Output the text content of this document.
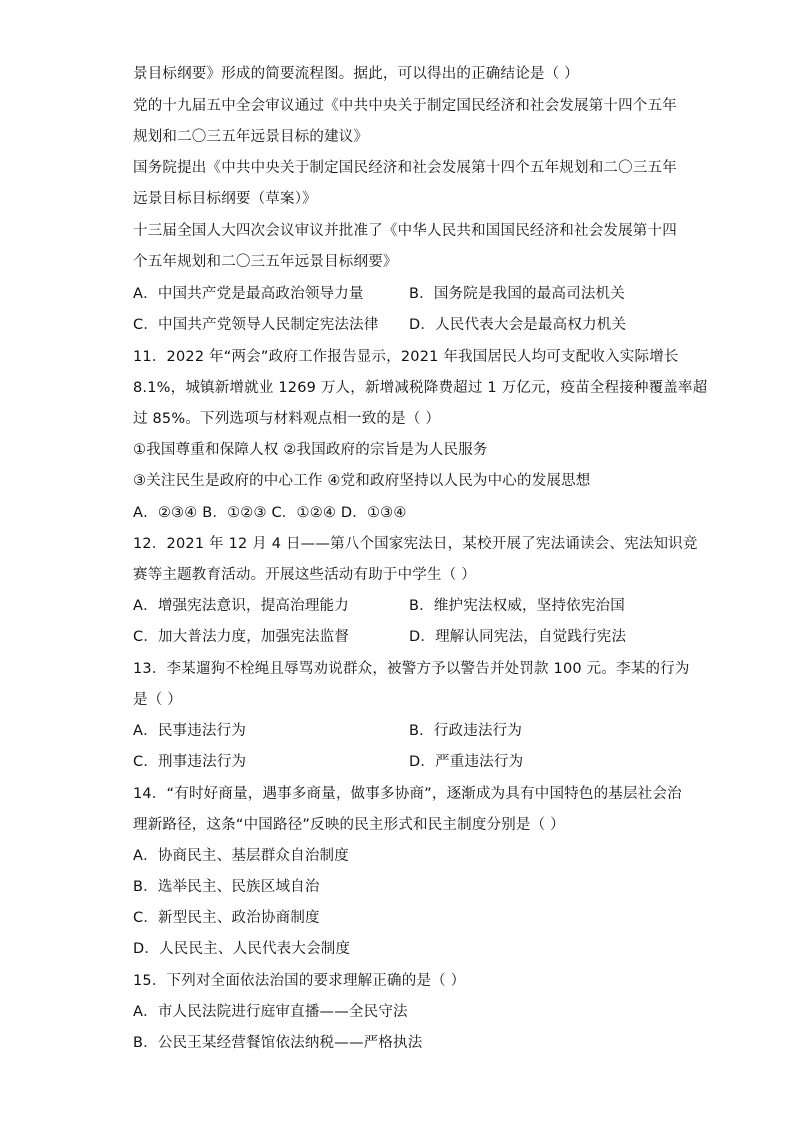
景目标纲要》形成的简要流程图。据此，可以得出的正确结论是（ ）
党的十九届五中全会审议通过《中共中央关于制定国民经济和社会发展第十四个五年
规划和二〇三五年远景目标的建议》
国务院提出《中共中央关于制定国民经济和社会发展第十四个五年规划和二〇三五年
远景目标目标纲要（草案）》
十三届全国人大四次会议审议并批准了《中华人民共和国国民经济和社会发展第十四
个五年规划和二〇三五年远景目标纲要》
A．中国共产党是最高政治领导力量	B．国务院是我国的最高司法机关
C．中国共产党领导人民制定宪法法律 D．人民代表大会是最高权力机关
11．2022 年“两会”政府工作报告显示，2021 年我国居民人均可支配收入实际增长
8.1%，城镇新增就业 1269 万人，新增减税降费超过 1 万亿元，疫苗全程接种覆盖率超
过 85%。下列选项与材料观点相一致的是（ ）
①我国尊重和保障人权 ②我国政府的宗旨是为人民服务
③关注民生是政府的中心工作 ④党和政府坚持以人民为中心的发展思想
A．②③④ B．①②③ C．①②④ D．①③④
12．2021 年 12 月 4 日——第八个国家宪法日，某校开展了宪法诵读会、宪法知识竞
赛等主题教育活动。开展这些活动有助于中学生（ ）
A．增强宪法意识，提高治理能力	B．维护宪法权威，坚持依宪治国
C．加大普法力度，加强宪法监督	D．理解认同宪法，自觉践行宪法
13．李某遛狗不栓绳且辱骂劝说群众，被警方予以警告并处罚款 100 元。李某的行为
是（ ）
A．民事违法行为	B．行政违法行为
C．刑事违法行为	D．严重违法行为
14．“有时好商量，遇事多商量，做事多协商”，逐渐成为具有中国特色的基层社会治
理新路径，这条“中国路径”反映的民主形式和民主制度分别是（ ）
A．协商民主、基层群众自治制度
B．选举民主、民族区域自治
C．新型民主、政治协商制度
D．人民民主、人民代表大会制度
15．下列对全面依法治国的要求理解正确的是（ ）
A．市人民法院进行庭审直播——全民守法
B．公民王某经营餐馆依法纳税——严格执法
